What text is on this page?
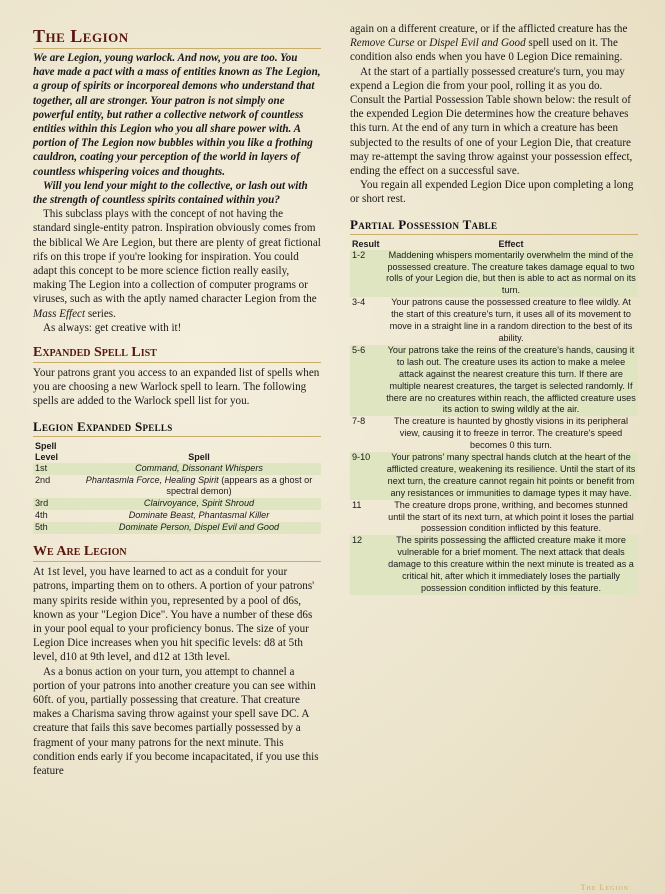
The Legion

We are Legion, young warlock. And now, you are too. You have made a pact with a mass of entities known as The Legion, a group of spirits or incorporeal demons who understand that together, all are stronger. Your patron is not simply one powerful entity, but rather a collective network of countless entities within this Legion who you all share power with. A portion of The Legion now bubbles within you like a frothing cauldron, coating your perception of the world in layers of countless whispering voices and thoughts.

Will you lend your might to the collective, or lash out with the strength of countless spirits contained within you?

This subclass plays with the concept of not having the standard single-entity patron. Inspiration obviously comes from the biblical We Are Legion, but there are plenty of great fictional rifs on this trope if you're looking for inspiration. You could adapt this concept to be more science fiction really easily, making The Legion into a collection of computer programs or viruses, such as with the aptly named character Legion from the Mass Effect series.

As always: get creative with it!

Expanded Spell List

Your patrons grant you access to an expanded list of spells when you are choosing a new Warlock spell to learn. The following spells are added to the Warlock spell list for you.

Legion Expanded Spells
Spell
Level	Spell
1st	Command, Dissonant Whispers
2nd	Phantasmla Force, Healing Spirit (appears as a ghost or spectral demon)
3rd	Clairvoyance, Spirit Shroud
4th	Dominate Beast, Phantasmal Killer
5th	Dominate Person, Dispel Evil and Good
We Are Legion

At 1st level, you have learned to act as a conduit for your patrons, imparting them on to others. A portion of your patrons' many spirits reside within you, represented by a pool of d6s, known as your "Legion Dice". You have a number of these d6s in your pool equal to your proficiency bonus. The size of your Legion Dice increases when you hit specific levels: d8 at 5th level, d10 at 9th level, and d12 at 13th level.

As a bonus action on your turn, you attempt to channel a portion of your patrons into another creature you can see within 60ft. of you, partially possessing that creature. That creature makes a Charisma saving throw against your spell save DC. A creature that fails this save becomes partially possessed by a fragment of your many patrons for the next minute. This condition ends early if you become incapacitated, if you use this feature

again on a different creature, or if the afflicted creature has the Remove Curse or Dispel Evil and Good spell used on it. The condition also ends when you have 0 Legion Dice remaining.

At the start of a partially possessed creature's turn, you may expend a Legion die from your pool, rolling it as you do. Consult the Partial Possession Table shown below: the result of the expended Legion Die determines how the creature behaves this turn. At the end of any turn in which a creature has been subjected to the results of one of your Legion Die, that creature may re-attempt the saving throw against your possession effect, ending the effect on a successful save.

You regain all expended Legion Dice upon completing a long or short rest.

Partial Possession Table
Result	Effect
1-2	Maddening whispers momentarily overwhelm the mind of the possessed creature. The creature takes damage equal to two rolls of your Legion die, but then is able to act as normal on its turn.
3-4	Your patrons cause the possessed creature to flee wildly. At the start of this creature's turn, it uses all of its movement to move in a straight line in a random direction to the best of its ability.
5-6	Your patrons take the reins of the creature's hands, causing it to lash out. The creature uses its action to make a melee attack against the nearest creature this turn. If there are multiple nearest creatures, the target is selected randomly. If there are no creatures within reach, the afflicted creature uses its action to swing wildly at the air.
7-8	The creature is haunted by ghostly visions in its peripheral view, causing it to freeze in terror. The creature's speed becomes 0 this turn.
9-10	Your patrons' many spectral hands clutch at the heart of the afflicted creature, weakening its resilience. Until the start of its next turn, the creature cannot regain hit points or benefit from any resistances or immunities to damage types it may have.
11	The creature drops prone, writhing, and becomes stunned until the start of its next turn, at which point it loses the partial possession condition inflicted by this feature.
12	The spirits possessing the afflicted creature make it more vulnerable for a brief moment. The next attack that deals damage to this creature within the next minute is treated as a critical hit, after which it immediately loses the partially possession condition inflicted by this feature.
The Legion
